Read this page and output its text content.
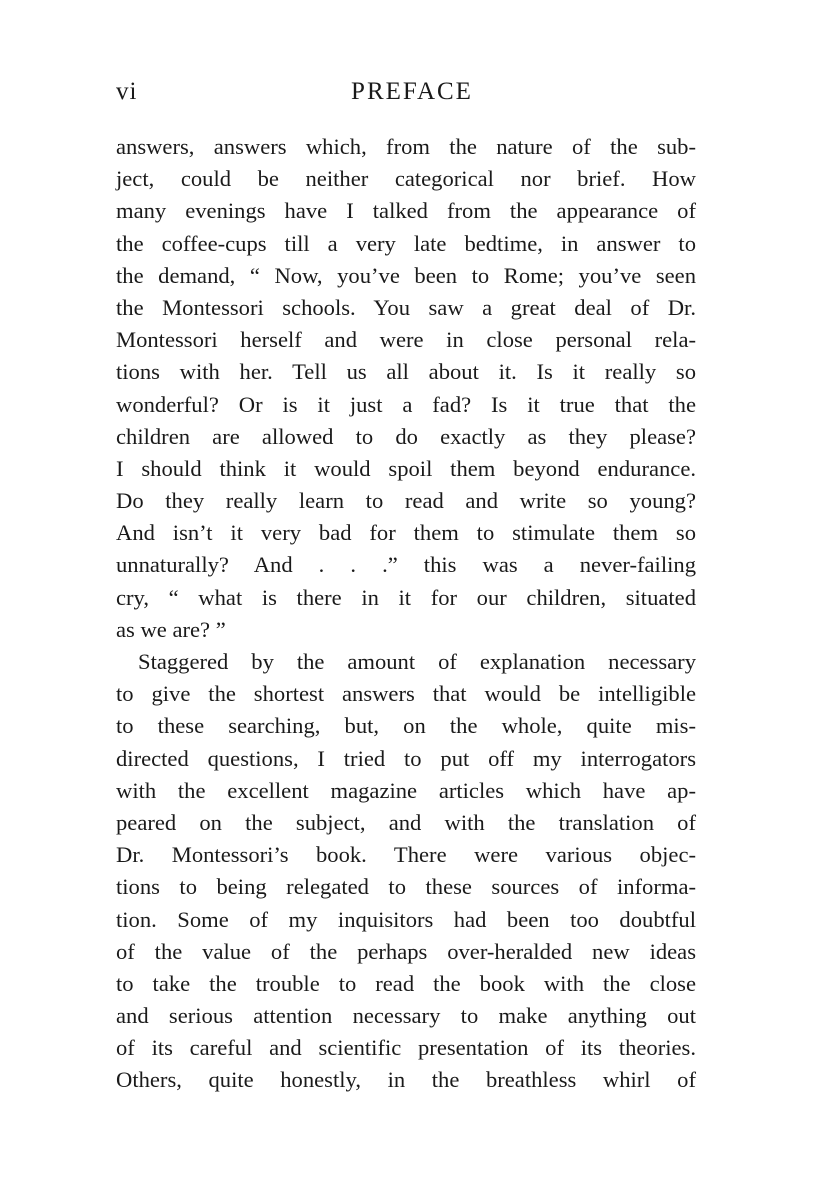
vi	PREFACE
answers, answers which, from the nature of the sub-
ject, could be neither categorical nor brief. How
many evenings have I talked from the appearance of
the coffee-cups till a very late bedtime, in answer to
the demand, “ Now, you’ve been to Rome; you’ve seen
the Montessori schools. You saw a great deal of Dr.
Montessori herself and were in close personal rela-
tions with her. Tell us all about it. Is it really so
wonderful? Or is it just a fad? Is it true that the
children are allowed to do exactly as they please?
I should think it would spoil them beyond endurance.
Do they really learn to read and write so young?
And isn’t it very bad for them to stimulate them so
unnaturally? And . . .” this was a never-failing
cry, “ what is there in it for our children, situated
as we are? ”
Staggered by the amount of explanation necessary
to give the shortest answers that would be intelligible
to these searching, but, on the whole, quite mis-
directed questions, I tried to put off my interrogators
with the excellent magazine articles which have ap-
peared on the subject, and with the translation of
Dr. Montessori’s book. There were various objec-
tions to being relegated to these sources of informa-
tion. Some of my inquisitors had been too doubtful
of the value of the perhaps over-heralded new ideas
to take the trouble to read the book with the close
and serious attention necessary to make anything out
of its careful and scientific presentation of its theories.
Others, quite honestly, in the breathless whirl of
